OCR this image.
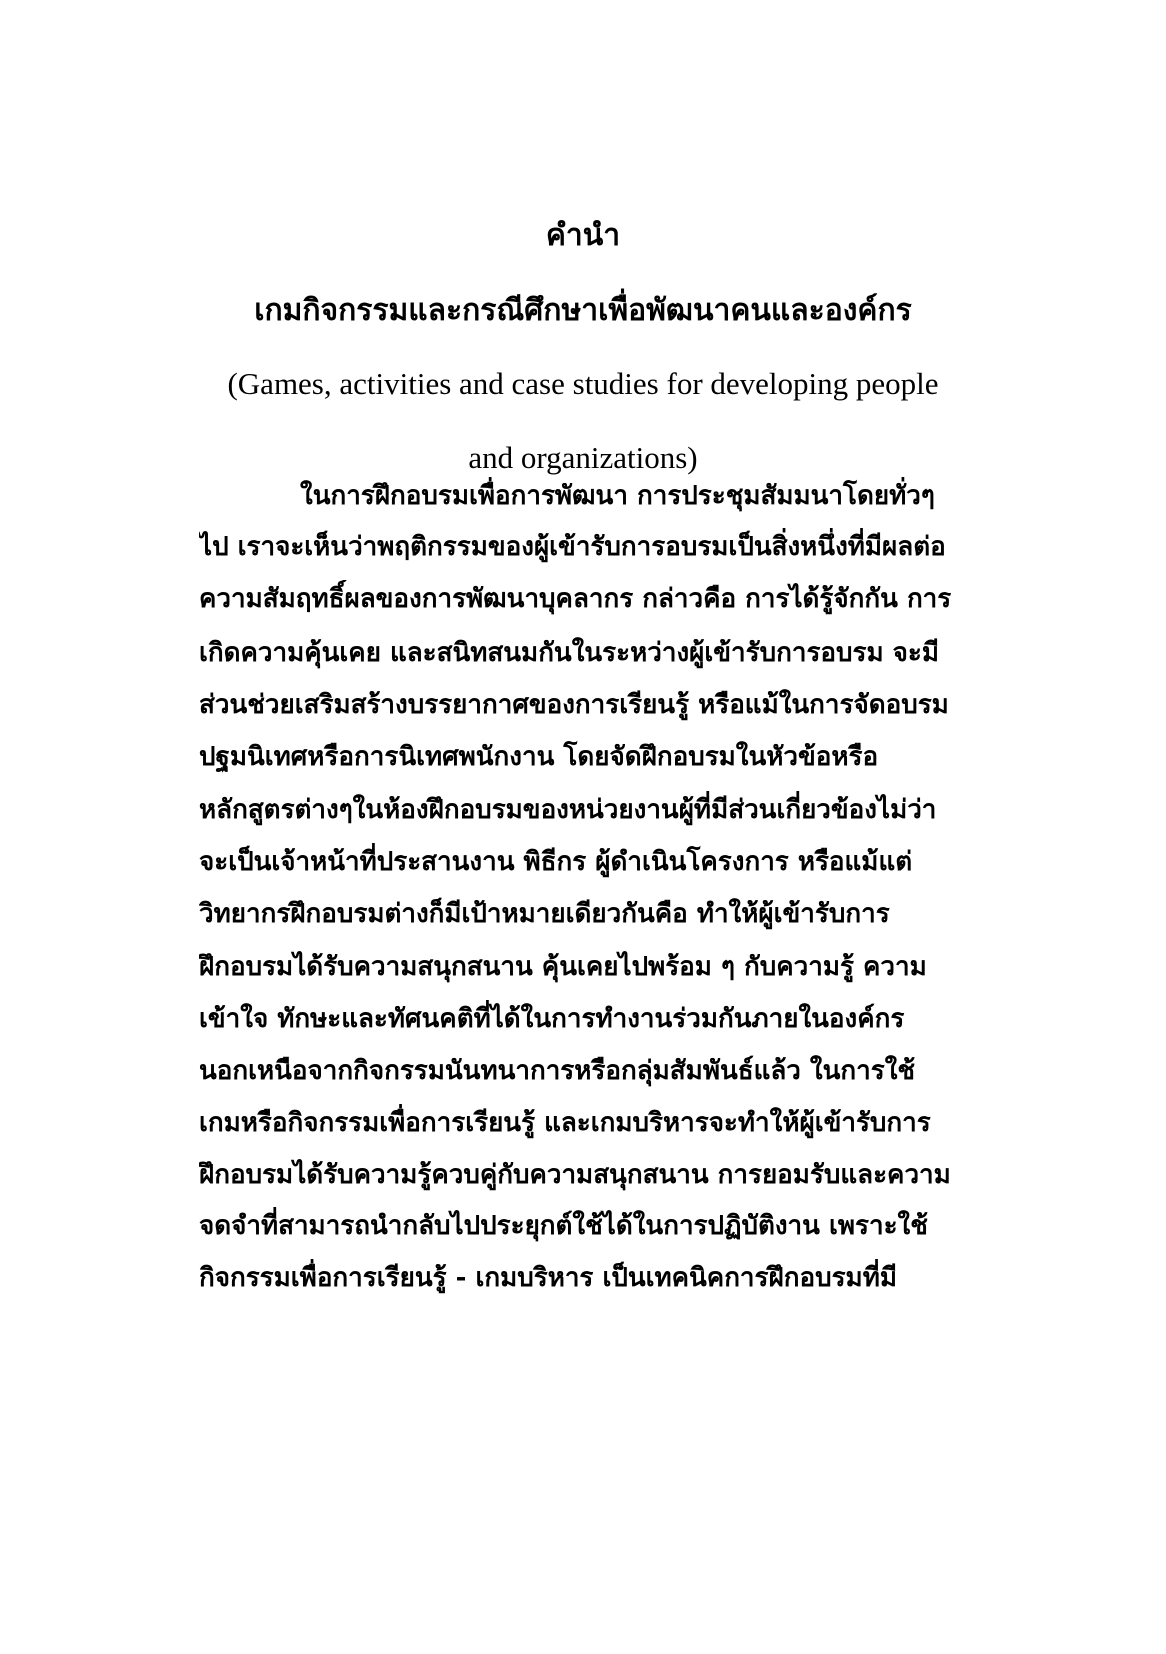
คำนำ
เกมกิจกรรมและกรณีศึกษาเพื่อพัฒนาคนและองค์กร
(Games, activities and case studies for developing people
and organizations)
ในการฝึกอบรมเพื่อการพัฒนา การประชุมสัมมนาโดยทั่วๆ
ไป เราจะเห็นว่าพฤติกรรมของผู้เข้ารับการอบรมเป็นสิ่งหนึ่งที่มีผลต่อ
ความสัมฤทธิ์ผลของการพัฒนาบุคลากร กล่าวคือ การได้รู้จักกัน การ
เกิดความคุ้นเคย และสนิทสนมกันในระหว่างผู้เข้ารับการอบรม จะมี
ส่วนช่วยเสริมสร้างบรรยากาศของการเรียนรู้ หรือแม้ในการจัดอบรม
ปฐมนิเทศหรือการนิเทศพนักงาน โดยจัดฝึกอบรมในหัวข้อหรือ
หลักสูตรต่างๆในห้องฝึกอบรมของหน่วยงานผู้ที่มีส่วนเกี่ยวข้องไม่ว่า
จะเป็นเจ้าหน้าที่ประสานงาน พิธีกร ผู้ดำเนินโครงการ หรือแม้แต่
วิทยากรฝึกอบรมต่างก็มีเป้าหมายเดียวกันคือ ทำให้ผู้เข้ารับการ
ฝึกอบรมได้รับความสนุกสนาน คุ้นเคยไปพร้อม ๆ กับความรู้ ความ
เข้าใจ ทักษะและทัศนคติที่ได้ในการทำงานร่วมกันภายในองค์กร
นอกเหนือจากกิจกรรมนันทนาการหรือกลุ่มสัมพันธ์แล้ว ในการใช้
เกมหรือกิจกรรมเพื่อการเรียนรู้ และเกมบริหารจะทำให้ผู้เข้ารับการ
ฝึกอบรมได้รับความรู้ควบคู่กับความสนุกสนาน การยอมรับและความ
จดจำที่สามารถนำกลับไปประยุกต์ใช้ได้ในการปฏิบัติงาน เพราะใช้
กิจกรรมเพื่อการเรียนรู้ - เกมบริหาร เป็นเทคนิคการฝึกอบรมที่มี
